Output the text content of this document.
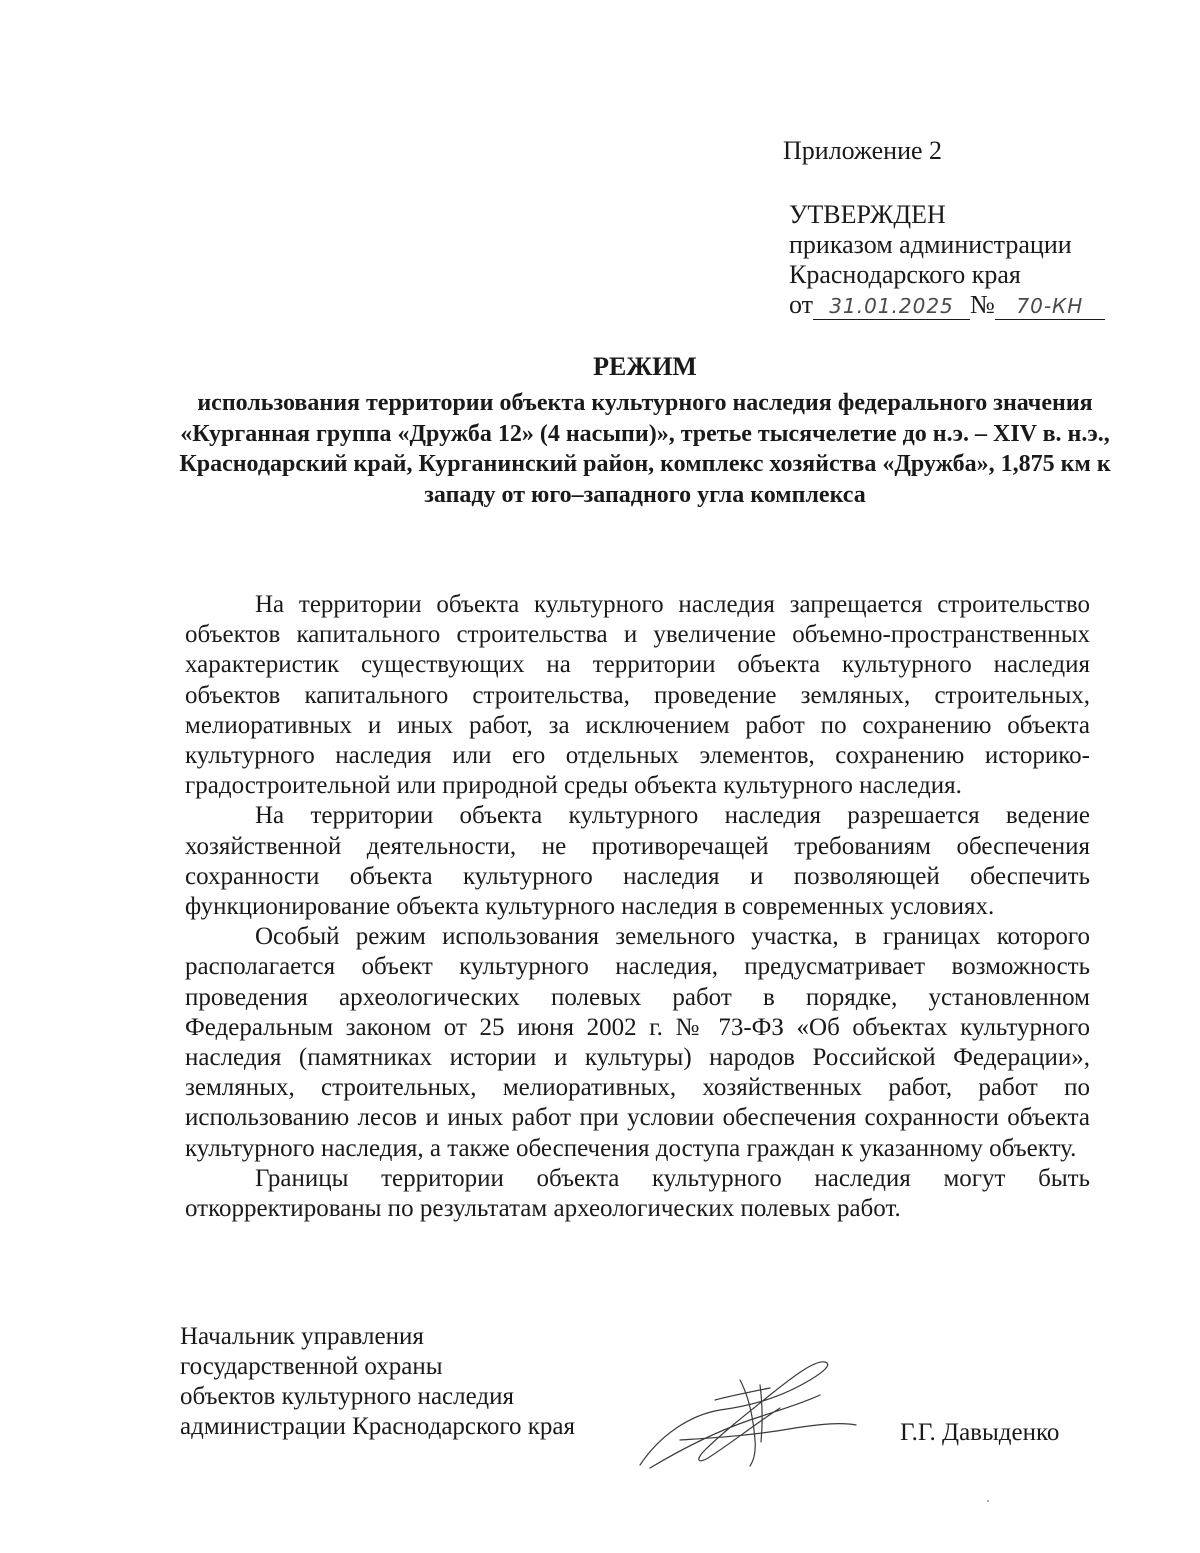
Приложение 2
УТВЕРЖДЕН
приказом администрации
Краснодарского края
от 31.01.2025 №	70-КН
РЕЖИМ
использования территории объекта культурного наследия федерального значения «Курганная группа «Дружба 12» (4 насыпи)», третье тысячелетие до н.э. – XIV в. н.э., Краснодарский край, Курганинский район, комплекс хозяйства «Дружба», 1,875 км к западу от юго–западного угла комплекса

На территории объекта культурного наследия запрещается строительство объектов капитального строительства и увеличение объемно-пространственных характеристик существующих на территории объекта культурного наследия объектов капитального строительства, проведение земляных, строительных, мелиоративных и иных работ, за исключением работ по сохранению объекта культурного наследия или его отдельных элементов, сохранению историко-градостроительной или природной среды объекта культурного наследия.

На территории объекта культурного наследия разрешается ведение хозяйственной деятельности, не противоречащей требованиям обеспечения сохранности объекта культурного наследия и позволяющей обеспечить функционирование объекта культурного наследия в современных условиях.

Особый режим использования земельного участка, в границах которого располагается объект культурного наследия, предусматривает возможность проведения археологических полевых работ в порядке, установленном Федеральным законом от 25 июня 2002 г. № 73-ФЗ «Об объектах культурного наследия (памятниках истории и культуры) народов Российской Федерации», земляных, строительных, мелиоративных, хозяйственных работ, работ по использованию лесов и иных работ при условии обеспечения сохранности объекта культурного наследия, а также обеспечения доступа граждан к указанному объекту.

Границы территории объекта культурного наследия могут быть откорректированы по результатам археологических полевых работ.

Начальник управления
государственной охраны
объектов культурного наследия
администрации Краснодарского края	Г.Г. Давыденко
